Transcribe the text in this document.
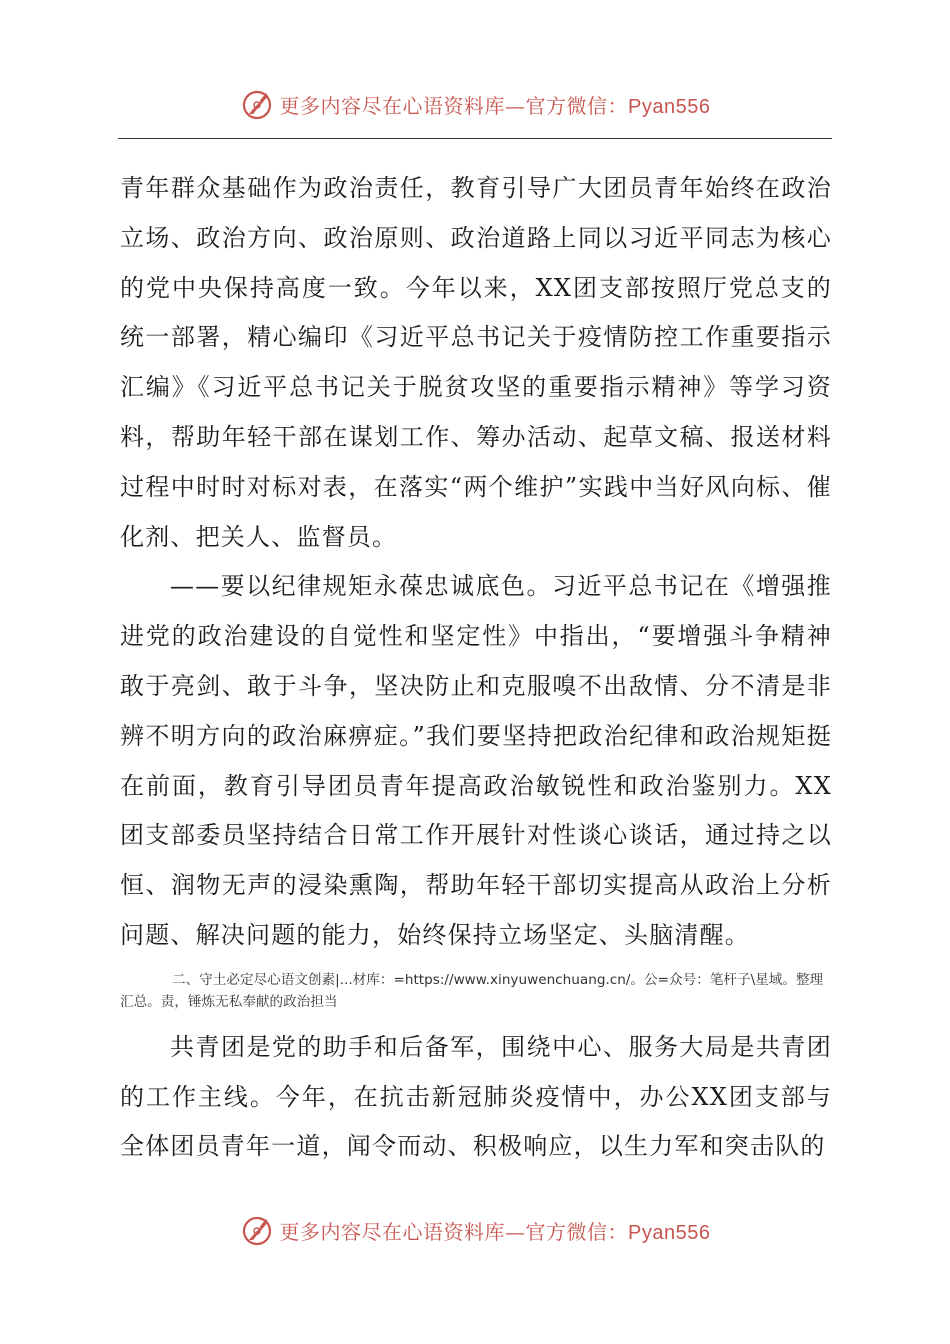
更多内容尽在心语资料库—官方微信：Pyan556

青年群众基础作为政治责任，教育引导广大团员青年始终在政治立场、政治方向、政治原则、政治道路上同以习近平同志为核心的党中央保持高度一致。今年以来，XX团支部按照厅党总支的统一部署，精心编印《习近平总书记关于疫情防控工作重要指示汇编》《习近平总书记关于脱贫攻坚的重要指示精神》等学习资料，帮助年轻干部在谋划工作、筹办活动、起草文稿、报送材料过程中时时对标对表，在落实“两个维护”实践中当好风向标、催化剂、把关人、监督员。

——要以纪律规矩永葆忠诚底色。习近平总书记在《增强推进党的政治建设的自觉性和坚定性》中指出，“要增强斗争精神敢于亮剑、敢于斗争，坚决防止和克服嗅不出敌情、分不清是非辨不明方向的政治麻痹症。”我们要坚持把政治纪律和政治规矩挺在前面，教育引导团员青年提高政治敏锐性和政治鉴别力。XX团支部委员坚持结合日常工作开展针对性谈心谈话，通过持之以恒、润物无声的浸染熏陶，帮助年轻干部切实提高从政治上分析问题、解决问题的能力，始终保持立场坚定、头脑清醒。

二、守土必定尽心语文创素|...材库：=https://www.xinyuwenchuang.cn/。公=众号：笔杆子\星域。整理汇总。责，锤炼无私奉献的政治担当

共青团是党的助手和后备军，围绕中心、服务大局是共青团的工作主线。今年，在抗击新冠肺炎疫情中，办公XX团支部与全体团员青年一道，闻令而动、积极响应，以生力军和突击队的

更多内容尽在心语资料库—官方微信：Pyan556
